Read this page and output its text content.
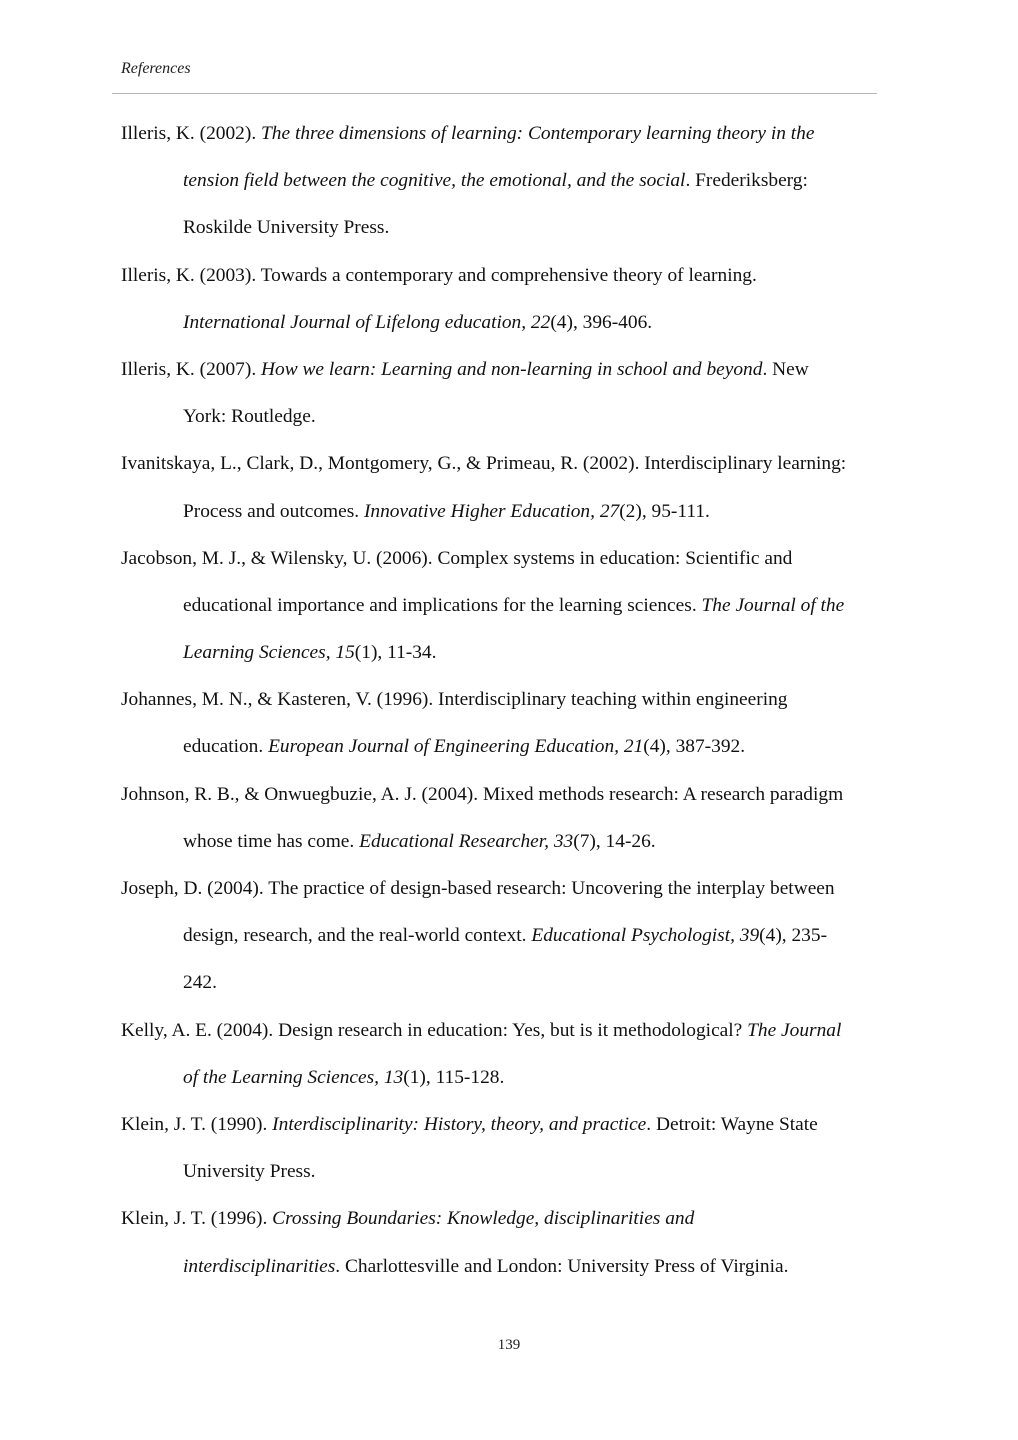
References
Illeris, K. (2002). The three dimensions of learning: Contemporary learning theory in the
tension field between the cognitive, the emotional, and the social. Frederiksberg:
Roskilde University Press.
Illeris, K. (2003). Towards a contemporary and comprehensive theory of learning.
International Journal of Lifelong education, 22(4), 396-406.
Illeris, K. (2007). How we learn: Learning and non-learning in school and beyond. New
York: Routledge.
Ivanitskaya, L., Clark, D., Montgomery, G., & Primeau, R. (2002). Interdisciplinary learning:
Process and outcomes. Innovative Higher Education, 27(2), 95-111.
Jacobson, M. J., & Wilensky, U. (2006). Complex systems in education: Scientific and
educational importance and implications for the learning sciences. The Journal of the
Learning Sciences, 15(1), 11-34.
Johannes, M. N., & Kasteren, V. (1996). Interdisciplinary teaching within engineering
education. European Journal of Engineering Education, 21(4), 387-392.
Johnson, R. B., & Onwuegbuzie, A. J. (2004). Mixed methods research: A research paradigm
whose time has come. Educational Researcher, 33(7), 14-26.
Joseph, D. (2004). The practice of design-based research: Uncovering the interplay between
design, research, and the real-world context. Educational Psychologist, 39(4), 235-
242.
Kelly, A. E. (2004). Design research in education: Yes, but is it methodological? The Journal
of the Learning Sciences, 13(1), 115-128.
Klein, J. T. (1990). Interdisciplinarity: History, theory, and practice. Detroit: Wayne State
University Press.
Klein, J. T. (1996). Crossing Boundaries: Knowledge, disciplinarities and
interdisciplinarities. Charlottesville and London: University Press of Virginia.
139
